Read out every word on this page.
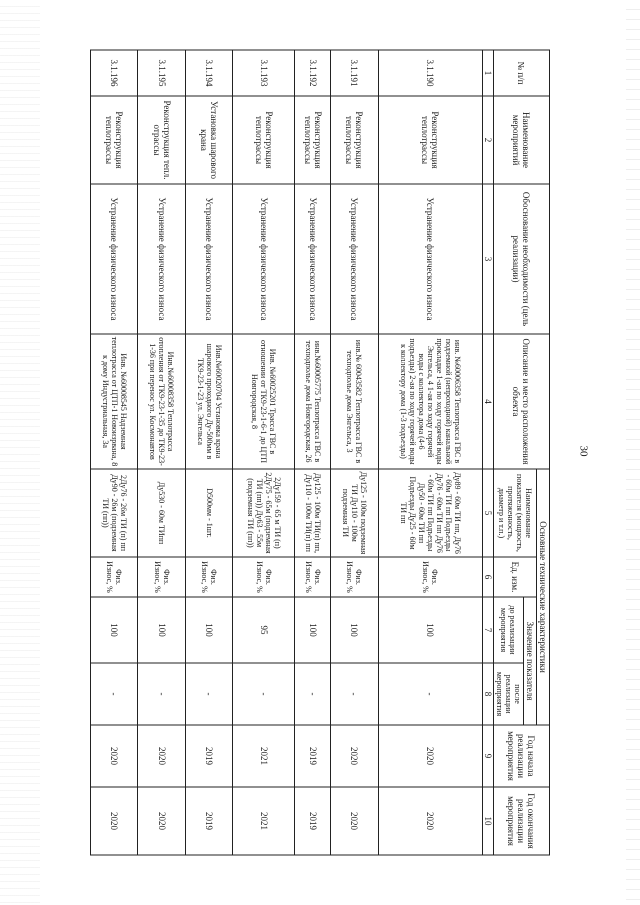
30
№ п/п	Наименование мероприятий	Обоснование необходимости (цель реализации)	Описание и место расположения объекта	Основные технические характеристики				Год начала реализации мероприятия	Год окончания реализации мероприятия
				Наименование показателя (мощность, протяженность, диаметр и т.п.)	Ед. изм.	Значение показателя			
						до реализации мероприятия	после реализации мероприятия		
1	2	3	4	5	6	7	8	9	10
3.1.190	Реконструкция теплотрассы	Устранение физического износа	инв. №60006358 Теплотрасса ГВС в подземной (непроходной) канальной прокладке 1-ая по ходу горячей воды Энгельса, 4 1-ая по ходу горячей воды с коллектора дома (4-6 подъезды) 2-ая по ходу горячей воды к коллектору дома (1-3 подъезды)	Ду89 - 60м ТИ пп, Ду76 - 60м ТИ пп Подъезды Ду76 - 60м ТИ пп Ду76 - 60м ТИ пп Подъезды Ду50 - 60м ТИ пп Подъезды Ду25 - 60м ТИ пп	Физ. Износ, %	100	-	2020	2020
3.1.191	Реконструкция теплотрассы	Устранение физического износа	инв.№ 60043582 Теплотрасса ГВС в техподполье дома Энгельса, 3	Ду125 - 100м подземная ТИ Ду110 - 100м подземная ТИ	Физ. Износ, %	100	-	2020	2020
3.1.192	Реконструкция теплотрассы	Устранение физического износа	инв.№60005775 Теплотрасса ГВС в техподполье дома Новгородская, 26	Ду125 - 100м ТИ(п) пп, Ду110 - 100м ТИ(п) пп	Физ. Износ, %	100	-	2019	2019
3.1.193	Реконструкция теплотрассы	Устранение физического износа	Инв. №60025201 Трасса ГВС в отношении от ТК9-23-1-6-1 до ЦТП Новгородская, 8	2Ду159 - 65 м ТИ (п) 2Ду75 - 65м (подземная ТИ (пп)) Ду63 - 55м (подземная ТИ (пп))	Физ. Износ, %	95	-	2021	2021
3.1.194	Установка шарового крана	Устранение физического износа	Инв.№60020704 Установка крана шарового проходного Ду-500мм в ТК9-23-1-23 ул. Энгельса	D500мм - 1шт.	Физ. Износ, %	100	-	2019	2019
3.1.195	Реконструкция тепл. отрассы	Устранение физического износа	Инв.№60008358 Теплотрасса отопления от ТК9-23-1-35 до ТК9-23-1-36 при перенос ул. Космонавтов	Ду530 - 60м ТИпп	Физ. Износ, %	100	-	2020	2020
3.1.196	Реконструкция теплотрассы	Устранение физического износа	Инв. №60008545 Надземная теплотрасса от ЦТП-1 Новоизрвана, 8 к дому Индустриальная, 3a	2Ду76 - 26м ТИ (п) пп Ду90 - 26м (подземная ТИ (пп))	Физ. Износ, %	100	-	2020	2020
